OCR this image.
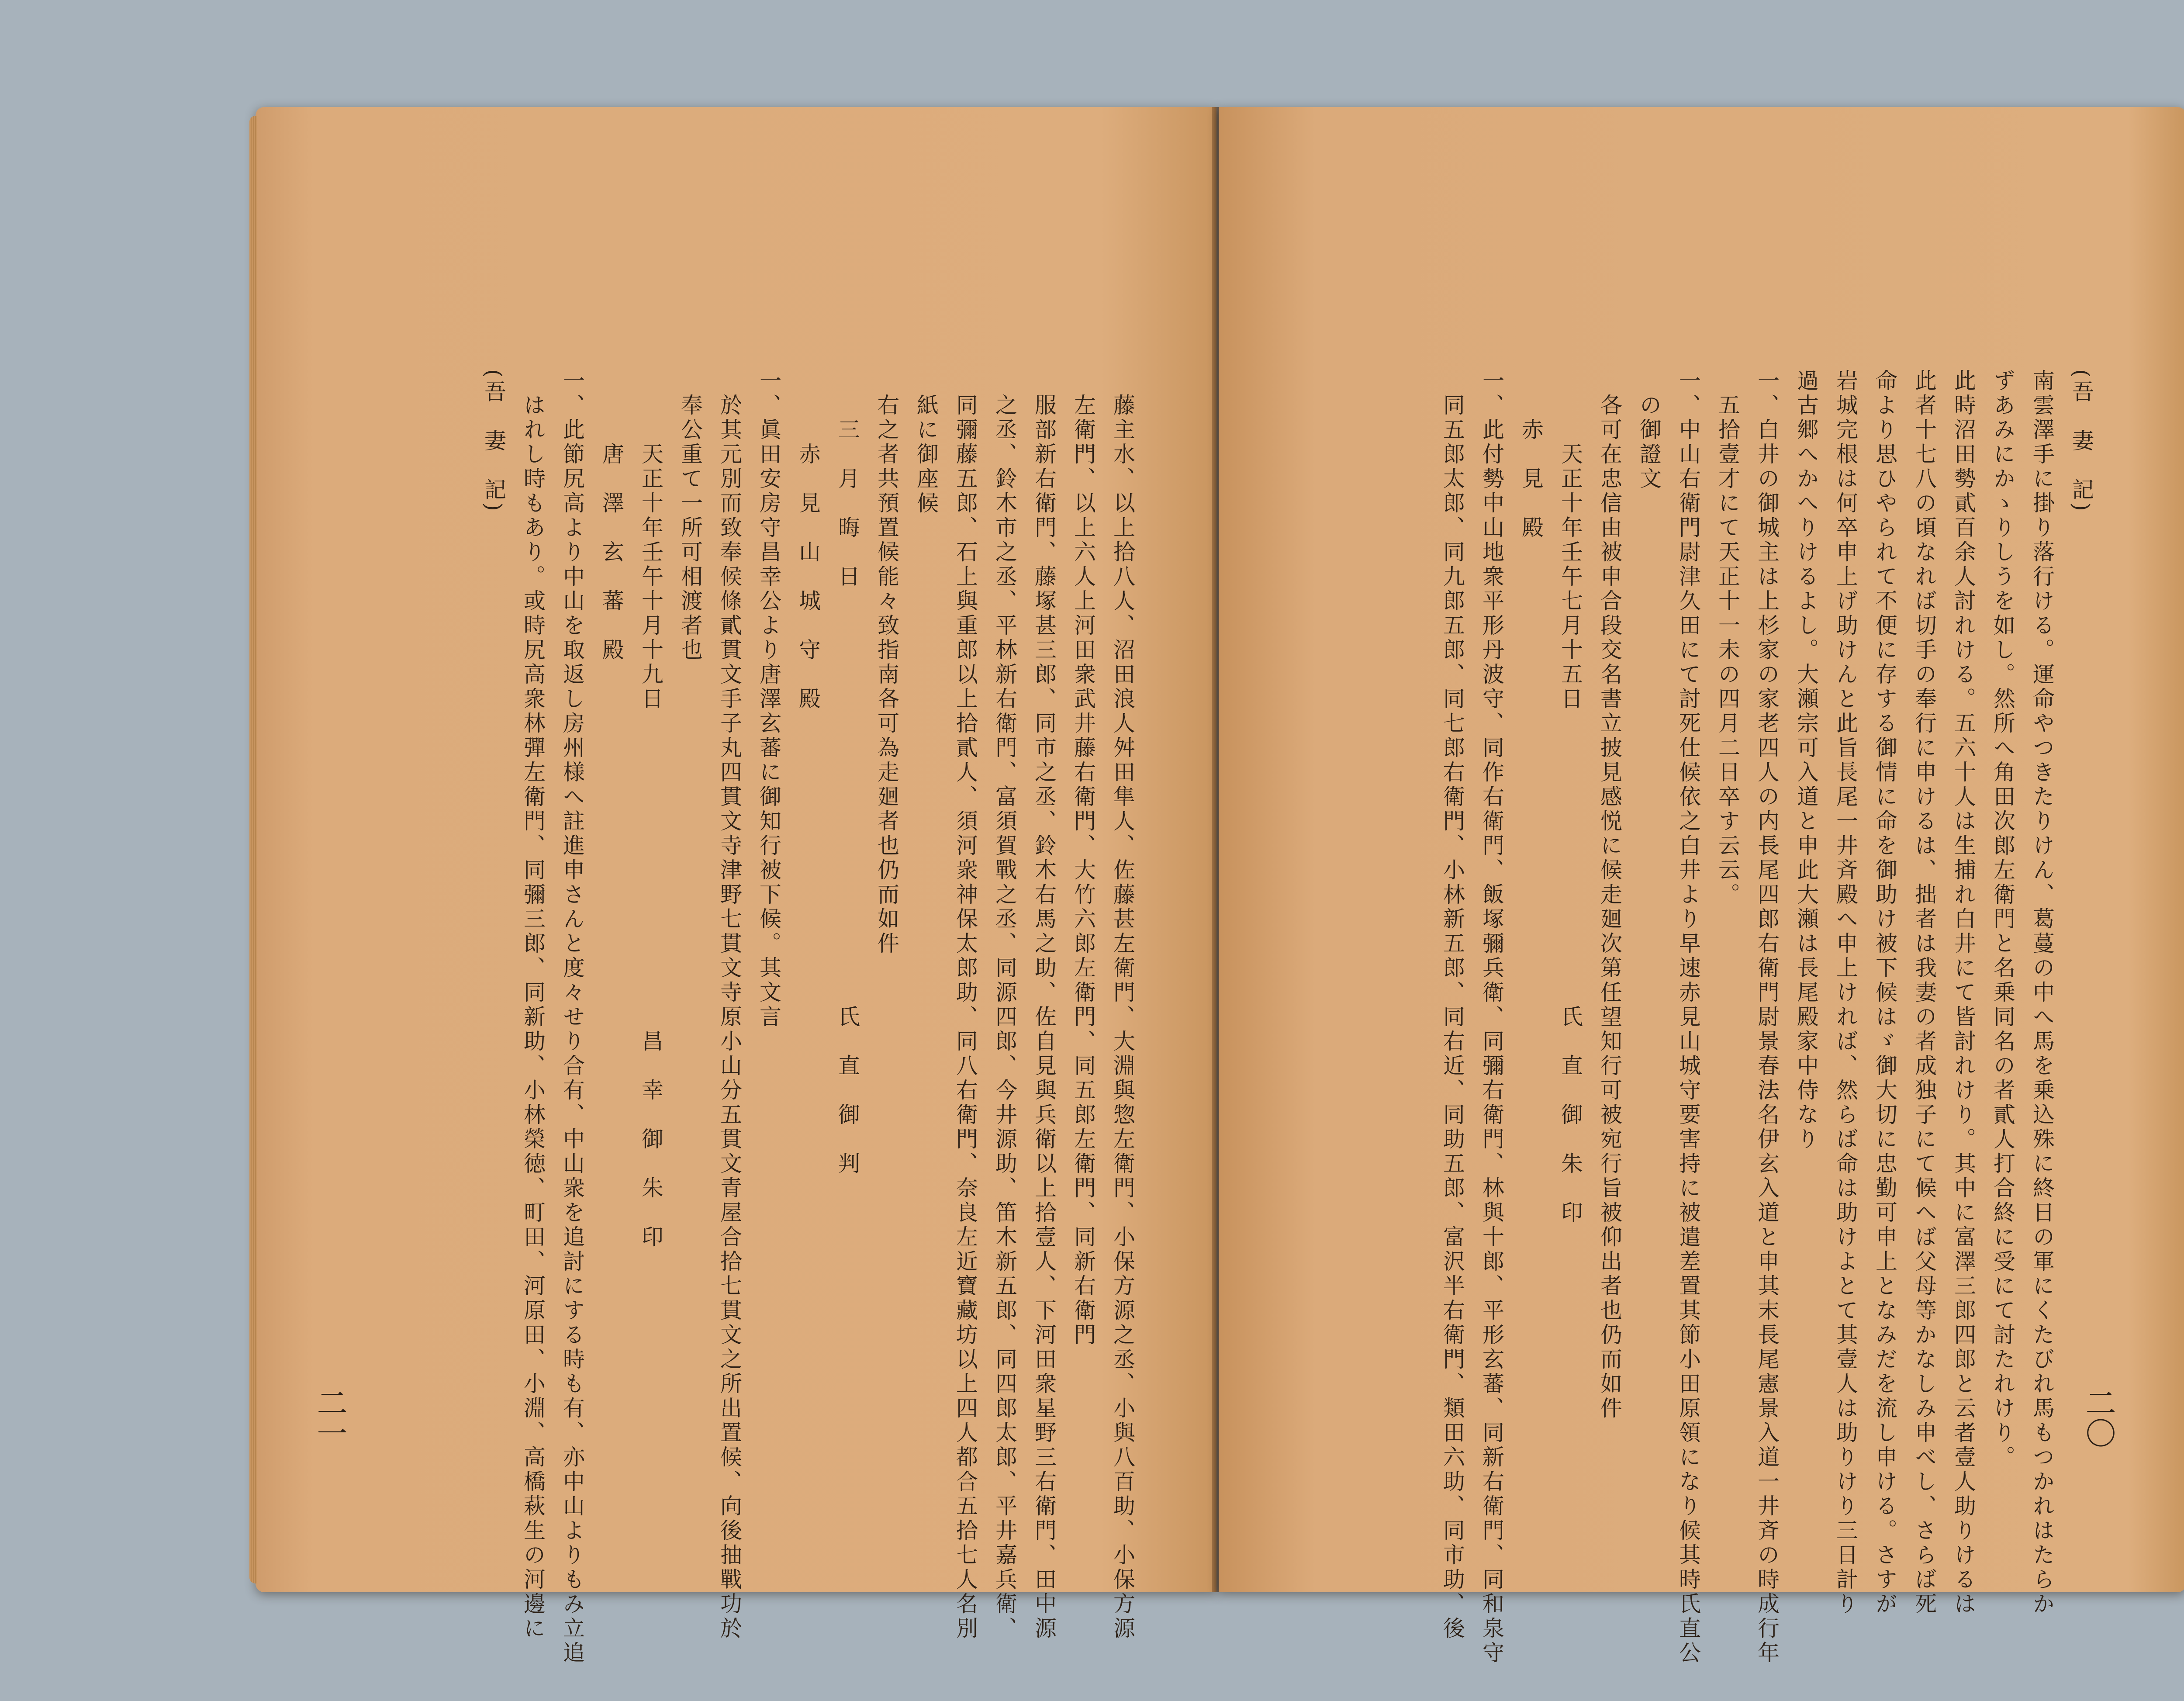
　藤主水、以上拾八人、沼田浪人舛田隼人、佐藤甚左衛門、大淵與惣左衛門、小保方源之丞、小與八百助、小保方源
　左衛門、以上六人上河田衆武井藤右衛門、大竹六郎左衛門、同五郎左衛門、同新右衛門
　服部新右衛門、藤塚甚三郎、同市之丞、鈴木右馬之助、佐自見與兵衛以上拾壹人、下河田衆星野三右衛門、田中源
　之丞、鈴木市之丞、平林新右衛門、富須賀戰之丞、同源四郎、今井源助、笛木新五郎、同四郎太郎、平井嘉兵衛、
　同彌藤五郎、石上與重郎以上拾貳人、須河衆神保太郎助、同八右衛門、奈良左近寶藏坊以上四人都合五拾七人名別
　紙に御座候
　右之者共預置候能々致指南各可為走廻者也仍而如件
　　三　月　晦　日　　　　　　　　　　　　　　　　　氏　直　御　判
　　　赤　見　山　城　守　殿
一、眞田安房守昌幸公より唐澤玄蕃に御知行被下候。其文言
　於其元別而致奉候條貳貫文手子丸四貫文寺津野七貫文寺原小山分五貫文青屋合拾七貫文之所出置候、向後抽戰功於
　奉公重て一所可相渡者也
　　　天正十年壬午十月十九日　　　　　　　　　　　　　昌　幸　御　朱　印
　　　唐　澤　玄　蕃　殿
一、此節尻高より中山を取返し房州様へ註進申さんと度々せり合有、中山衆を追討にする時も有、亦中山よりもみ立追
　はれし時もあり。或時尻高衆林彈左衛門、同彌三郎、同新助、小林榮徳、町田、河原田、小淵、高橋萩生の河邊に
(吾　妻　記)
二一
(吾　妻　記)
南雲澤手に掛り落行ける。運命やつきたりけん、葛蔓の中へ馬を乗込殊に終日の軍にくたびれ馬もつかれはたらか
ずあみにかゝりしうを如し。然所へ角田次郎左衛門と名乗同名の者貳人打合終に受にて討たれけり。
此時沼田勢貳百余人討れける。五六十人は生捕れ白井にて皆討れけり。其中に富澤三郎四郎と云者壹人助りけるは
此者十七八の頃なれば切手の奉行に申けるは、拙者は我妻の者成独子にて候へば父母等かなしみ申べし、さらば死
命より思ひやられて不便に存する御情に命を御助け被下候はゞ御大切に忠勤可申上となみだを流し申ける。さすが
岩城完根は何卒申上げ助けんと此旨長尾一井斉殿へ申上ければ、然らば命は助けよとて其壹人は助りけり三日計り
過古郷へかへりけるよし。大瀬宗可入道と申此大瀬は長尾殿家中侍なり
一、白井の御城主は上杉家の家老四人の内長尾四郎右衛門尉景春法名伊玄入道と申其末長尾憲景入道一井斉の時成行年
　五拾壹才にて天正十一未の四月二日卒す云云。
一、中山右衛門尉津久田にて討死仕候依之白井より早速赤見山城守要害持に被遣差置其節小田原領になり候其時氏直公
　の御證文
　各可在忠信由被申合段交名書立披見感悦に候走廻次第任望知行可被宛行旨被仰出者也仍而如件
　　　天正十年壬午七月十五日　　　　　　　　　　　　氏　直　御　朱　印
　　赤　見　殿
一、此付勢中山地衆平形丹波守、同作右衛門、飯塚彌兵衛、同彌右衛門、林與十郎、平形玄蕃、同新右衛門、同和泉守
　同五郎太郎、同九郎五郎、同七郎右衛門、小林新五郎、同右近、同助五郎、富沢半右衛門、類田六助、同市助、後	二〇
